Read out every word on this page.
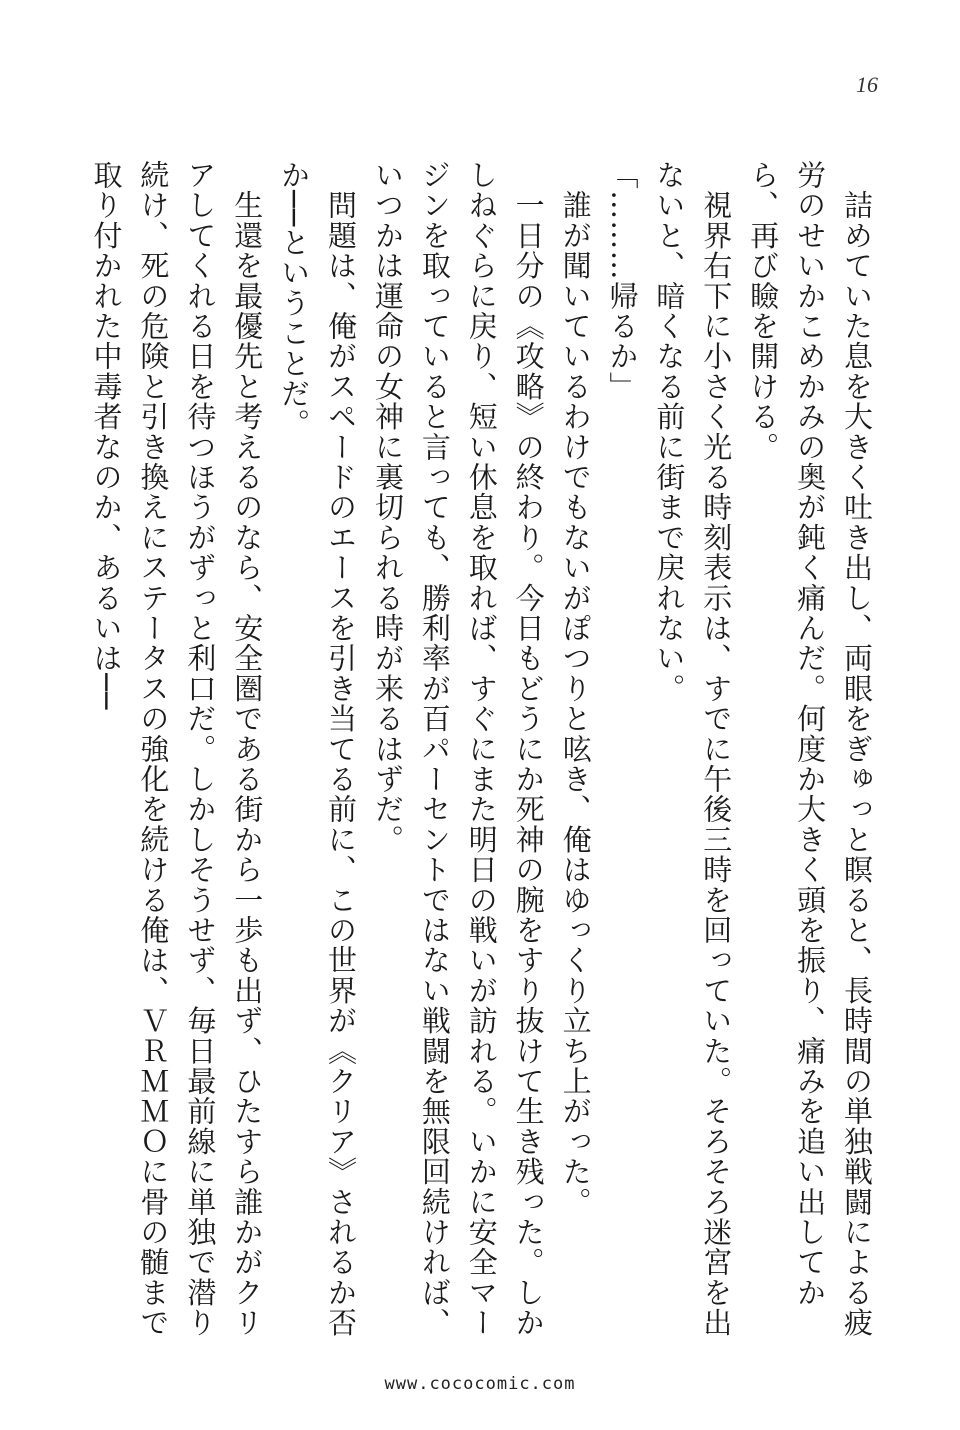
16

　詰めていた息を大きく吐き出し、両眼をぎゅっと瞑ると、長時間の単独戦闘による疲労のせいかこめかみの奥が鈍く痛んだ。何度か大きく頭を振り、痛みを追い出してから、再び瞼を開ける。

　視界右下に小さく光る時刻表示は、すでに午後三時を回っていた。そろそろ迷宮を出ないと、暗くなる前に街まで戻れない。

「………帰るか」

　誰が聞いているわけでもないがぽつりと呟き、俺はゆっくり立ち上がった。

　一日分の《攻略》の終わり。今日もどうにか死神の腕をすり抜けて生き残った。しかしねぐらに戻り、短い休息を取れば、すぐにまた明日の戦いが訪れる。いかに安全マージンを取っていると言っても、勝利率が百パーセントではない戦闘を無限回続ければ、いつかは運命の女神に裏切られる時が来るはずだ。

　問題は、俺がスペードのエースを引き当てる前に、この世界が《クリア》されるか否か──ということだ。

　生還を最優先と考えるのなら、安全圏である街から一歩も出ず、ひたすら誰かがクリアしてくれる日を待つほうがずっと利口だ。しかしそうせず、毎日最前線に単独で潜り続け、死の危険と引き換えにステータスの強化を続ける俺は、ＶＲＭＭＯに骨の髄まで取り付かれた中毒者なのか、あるいは──

www.cococomic.com
